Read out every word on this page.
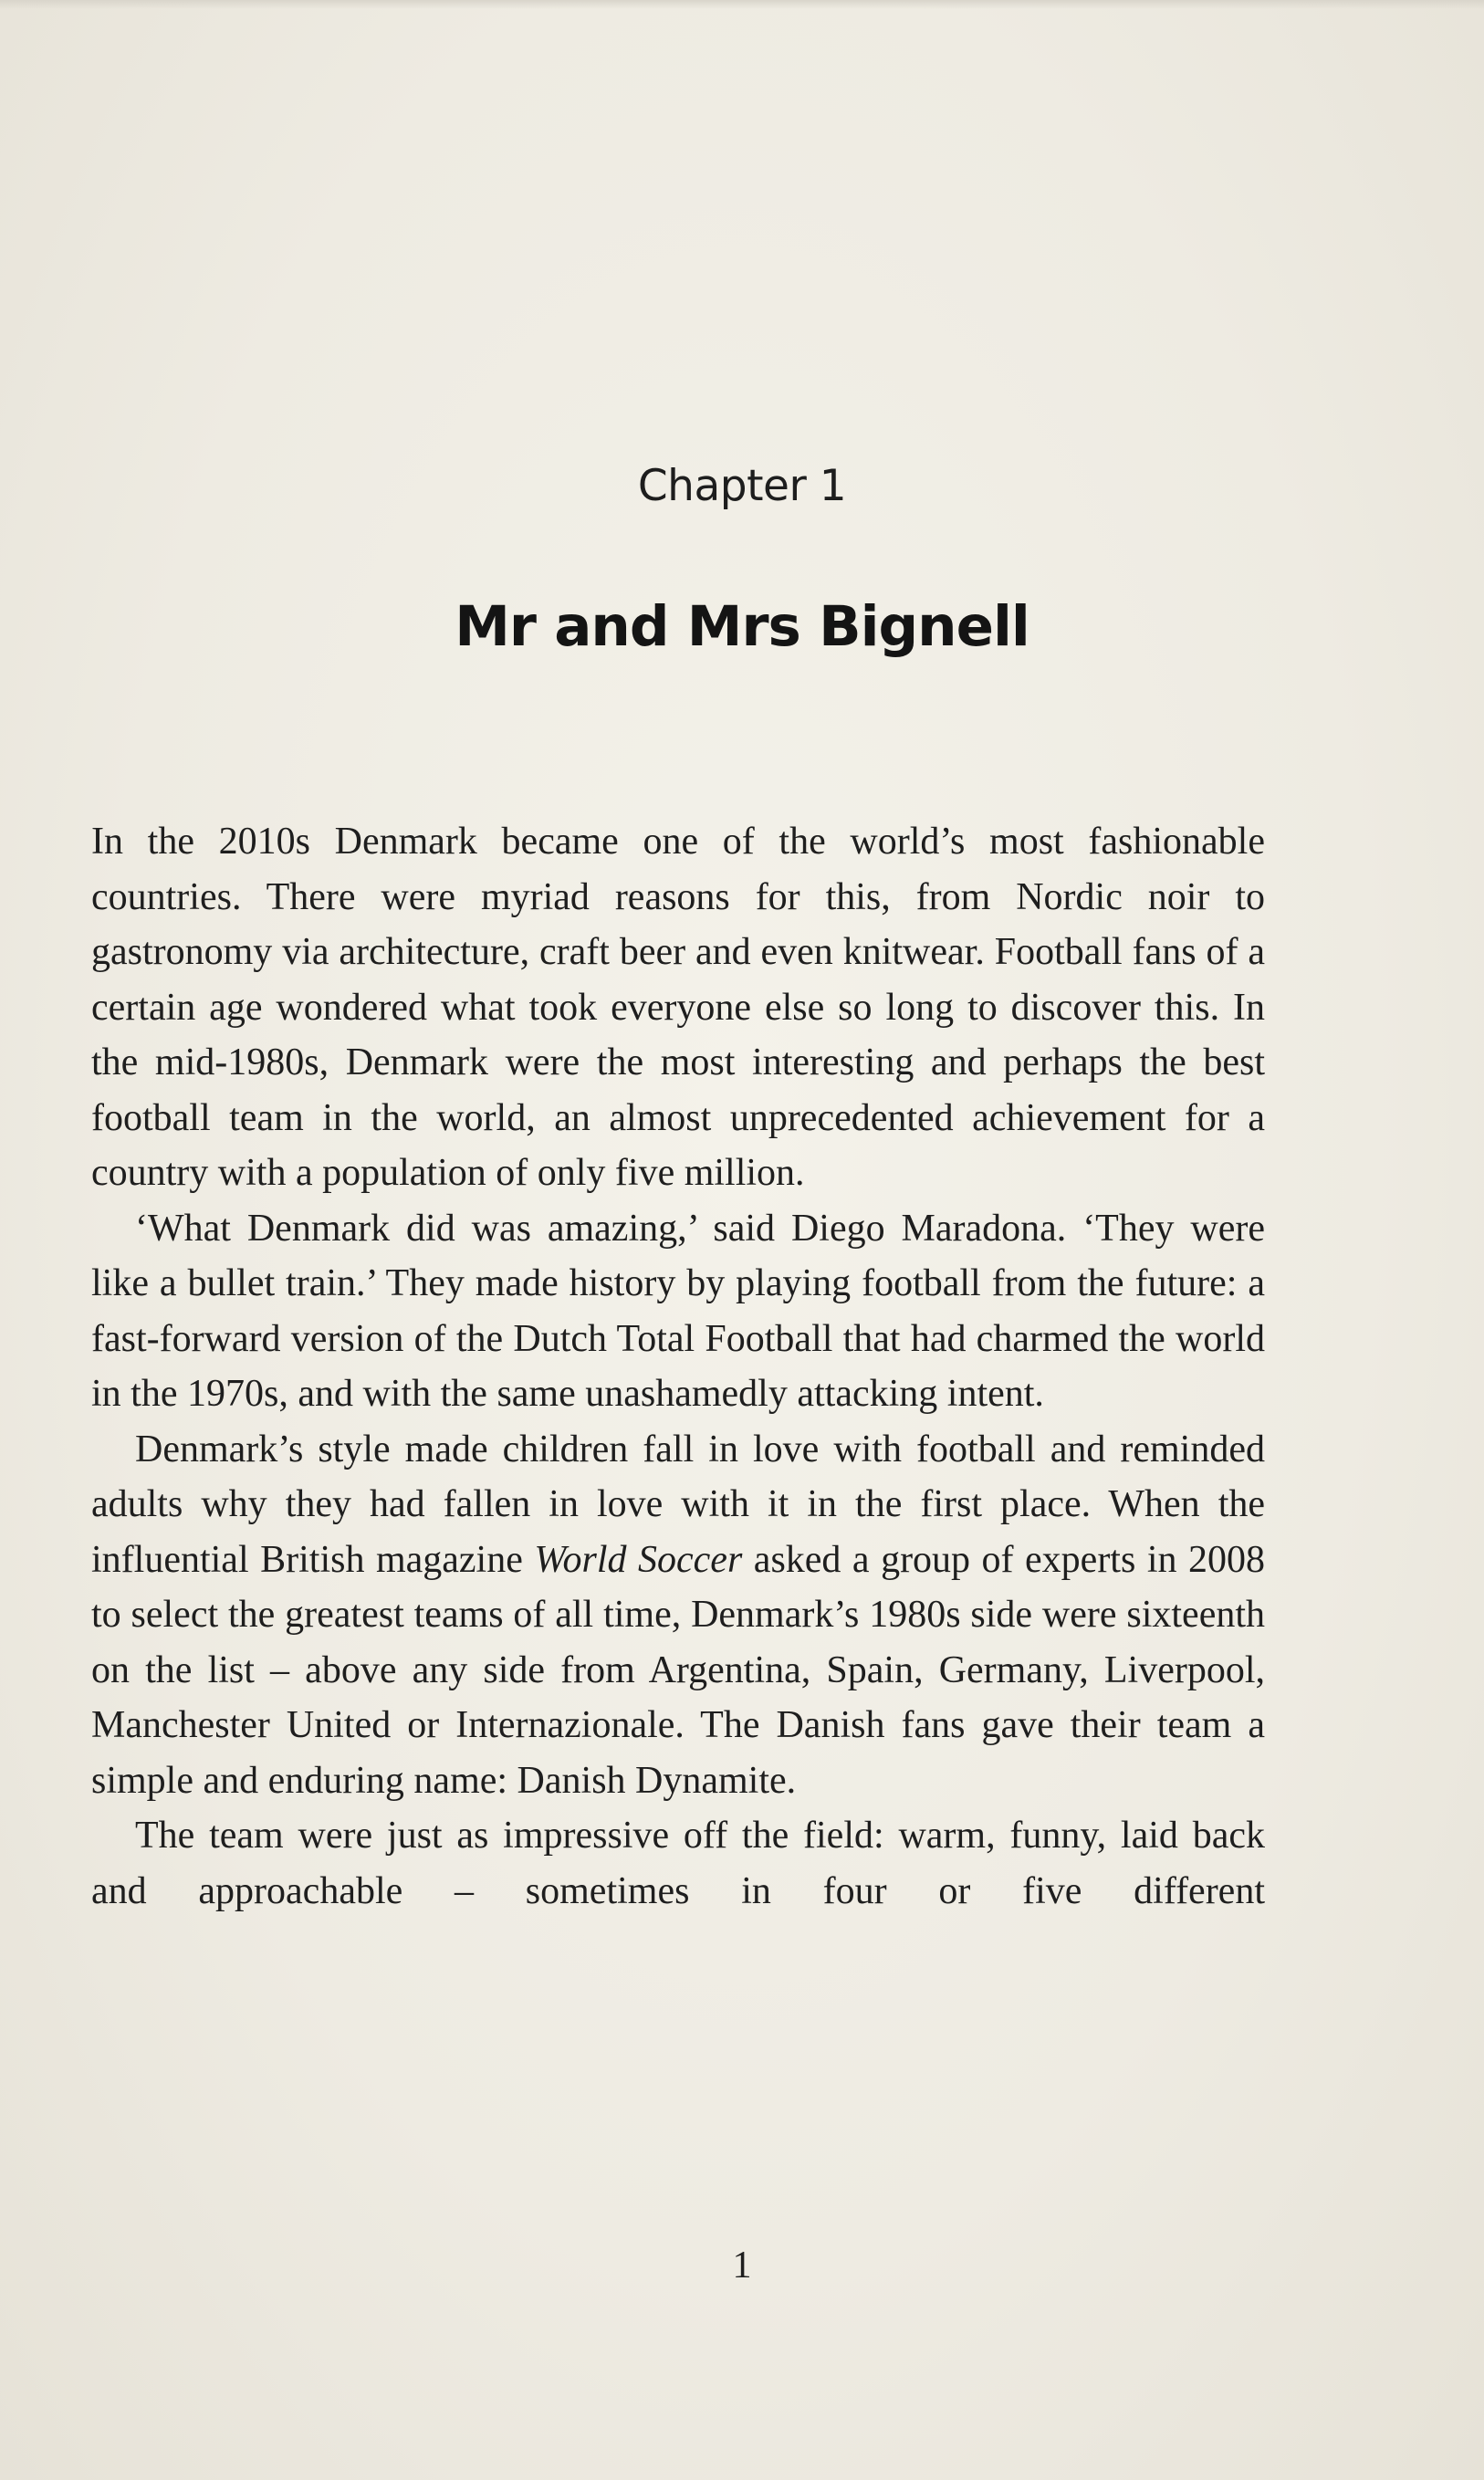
Chapter 1
Mr and Mrs Bignell

In the 2010s Denmark became one of the world’s most fashionable countries. There were myriad reasons for this, from Nordic noir to gastronomy via architecture, craft beer and even knitwear. Football fans of a certain age wondered what took everyone else so long to discover this. In the mid-1980s, Denmark were the most interesting and perhaps the best football team in the world, an almost unprecedented achievement for a country with a population of only five million.

‘What Denmark did was amazing,’ said Diego Maradona. ‘They were like a bullet train.’ They made history by playing football from the future: a fast-forward version of the Dutch Total Football that had charmed the world in the 1970s, and with the same unashamedly attacking intent.

Denmark’s style made children fall in love with football and reminded adults why they had fallen in love with it in the first place. When the influential British magazine World Soccer asked a group of experts in 2008 to select the greatest teams of all time, Denmark’s 1980s side were sixteenth on the list – above any side from Argentina, Spain, Germany, Liverpool, Manchester United or Internazionale. The Danish fans gave their team a simple and enduring name: Danish Dynamite.

The team were just as impressive off the field: warm, funny, laid back and approachable – sometimes in four or five different

1
